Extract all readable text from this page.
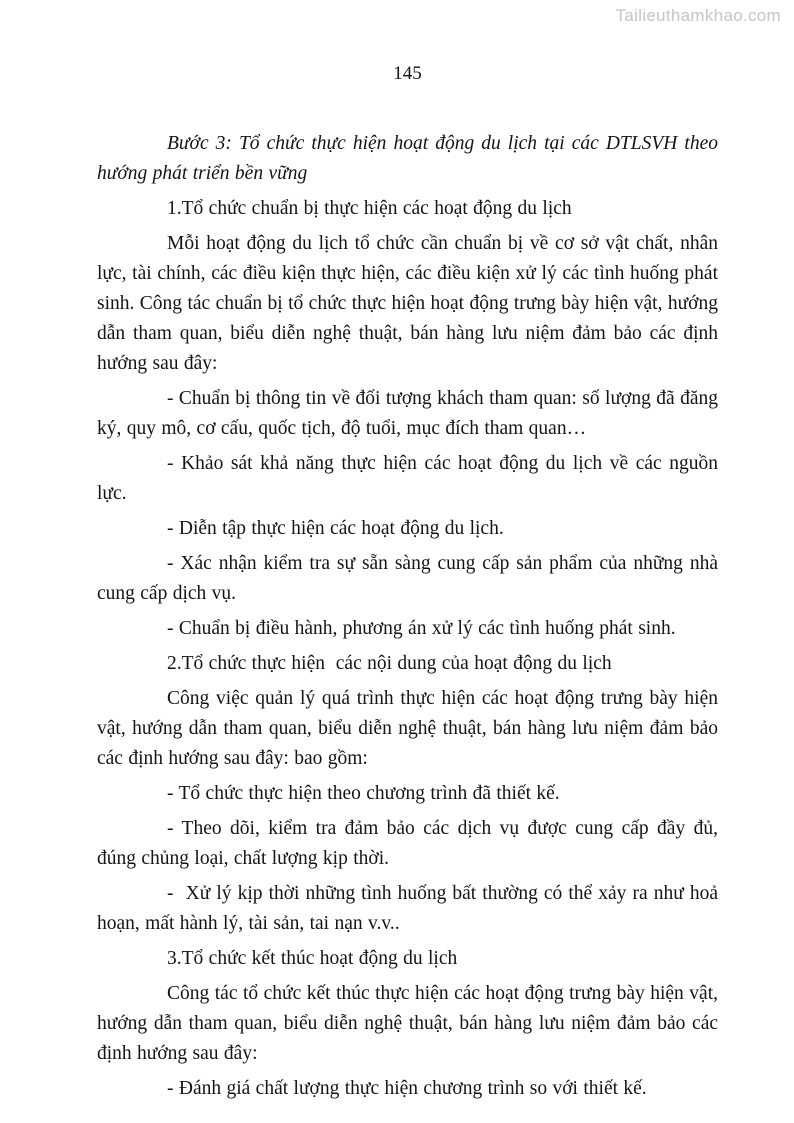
Tailieuthamkhao.com
145

Bước 3: Tổ chức thực hiện hoạt động du lịch tại các DTLSVH theo hướng phát triển bền vững

1.Tổ chức chuẩn bị thực hiện các hoạt động du lịch

Mỗi hoạt động du lịch tổ chức cần chuẩn bị về cơ sở vật chất, nhân lực, tài chính, các điều kiện thực hiện, các điều kiện xử lý các tình huống phát sinh. Công tác chuẩn bị tổ chức thực hiện hoạt động trưng bày hiện vật, hướng dẫn tham quan, biểu diễn nghệ thuật, bán hàng lưu niệm đảm bảo các định hướng sau đây:

- Chuẩn bị thông tin về đối tượng khách tham quan: số lượng đã đăng ký, quy mô, cơ cấu, quốc tịch, độ tuổi, mục đích tham quan…

- Khảo sát khả năng thực hiện các hoạt động du lịch về các nguồn lực.

- Diễn tập thực hiện các hoạt động du lịch.

- Xác nhận kiểm tra sự sẵn sàng cung cấp sản phẩm của những nhà cung cấp dịch vụ.

- Chuẩn bị điều hành, phương án xử lý các tình huống phát sinh.

2.Tổ chức thực hiện  các nội dung của hoạt động du lịch

Công việc quản lý quá trình thực hiện các hoạt động trưng bày hiện vật, hướng dẫn tham quan, biểu diễn nghệ thuật, bán hàng lưu niệm đảm bảo các định hướng sau đây: bao gồm:

- Tổ chức thực hiện theo chương trình đã thiết kế.

- Theo dõi, kiểm tra đảm bảo các dịch vụ được cung cấp đầy đủ, đúng chủng loại, chất lượng kịp thời.

-  Xử lý kịp thời những tình huống bất thường có thể xảy ra như hoả hoạn, mất hành lý, tài sản, tai nạn v.v..

3.Tổ chức kết thúc hoạt động du lịch

Công tác tổ chức kết thúc thực hiện các hoạt động trưng bày hiện vật, hướng dẫn tham quan, biểu diễn nghệ thuật, bán hàng lưu niệm đảm bảo các định hướng sau đây:

- Đánh giá chất lượng thực hiện chương trình so với thiết kế.
